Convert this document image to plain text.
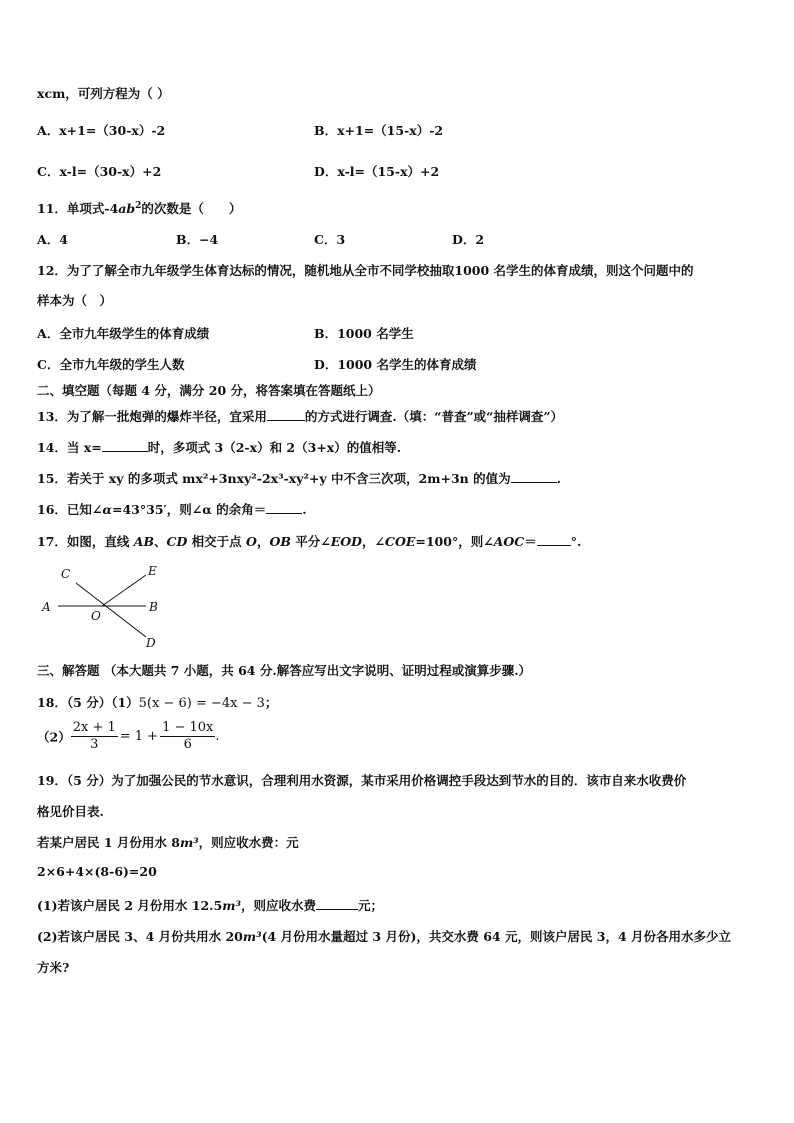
xcm，可列方程为（ ）
A．x+1=（30-x）-2	B．x+1=（15-x）-2
C．x-l=（30-x）+2	D．x-l=（15-x）+2
11．单项式$-4ab^2$的次数是（　　）
A．4	B．−4	C．3	D．2
12．为了了解全市九年级学生体育达标的情况，随机地从全市不同学校抽取1000 名学生的体育成绩，则这个问题中的
样本为（　）
A．全市九年级学生的体育成绩	B．1000 名学生
C．全市九年级的学生人数	D．1000 名学生的体育成绩
二、填空题（每题 4 分，满分 20 分，将答案填在答题纸上）
13．为了解一批炮弹的爆炸半径，宜采用	的方式进行调查.（填：“普查”或“抽样调查”）
14．当 x=	时，多项式 3（2-x）和 2（3+x）的值相等.
15．若关于 xy 的多项式 mx²+3nxy²-2x³-xy²+y 中不含三次项，2m+3n 的值为	.
16．已知∠α=43°35′，则∠α 的余角＝	.
17．如图，直线 AB、CD 相交于点 O，OB 平分∠EOD，∠COE=100°，则∠AOC＝	°.
C	E
A	B
O
D
三、解答题 （本大题共 7 小题，共 64 分.解答应写出文字说明、证明过程或演算步骤.）
18．（5 分）（1）5(x − 6) = −4x − 3；
$(2) \frac{2x + 1}{3} = 1 + \frac{1 - 10x}{6}$ .
19．（5 分）为了加强公民的节水意识，合理利用水资源，某市采用价格调控手段达到节水的目的．该市自来水收费价
格见价目表.
若某户居民 1 月份用水 8m³，则应收水费：元
2×6+4×(8-6)=20
(1)若该户居民 2 月份用水 12.5m³，则应收水费	元；
(2)若该户居民 3、4 月份共用水 20m³(4 月份用水量超过 3 月份)，共交水费 64 元，则该户居民 3，4 月份各用水多少立
方米?
